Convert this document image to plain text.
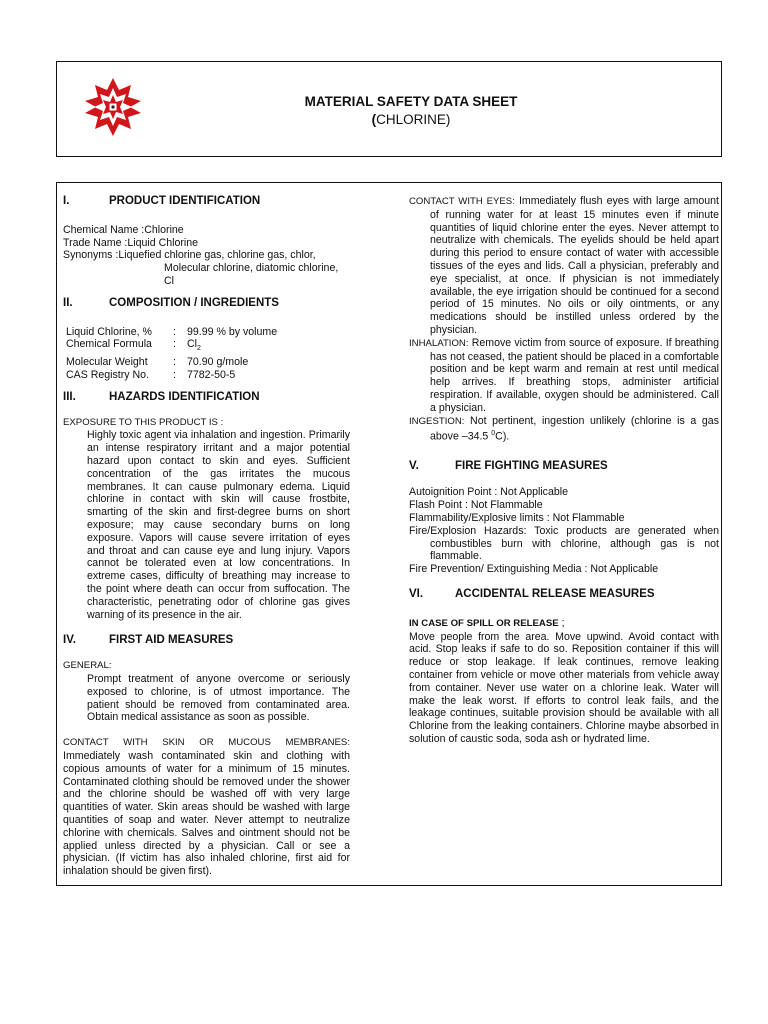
MATERIAL SAFETY DATA SHEET
(CHLORINE)
I.	PRODUCT IDENTIFICATION
Chemical Name : Chlorine
Trade Name : Liquid Chlorine
Synonyms : Liquefied chlorine gas, chlorine gas, chlor,

Molecular chlorine, diatomic chlorine, Cl

II.	COMPOSITION / INGREDIENTS
Liquid Chlorine, %	:	99.99 % by volume
Chemical Formula	:	$Cl_2$
Molecular Weight	:	70.90 g/mole
CAS Registry No.	:	7782-50-5
III.	HAZARDS IDENTIFICATION

EXPOSURE TO THIS PRODUCT IS :

Highly toxic agent via inhalation and ingestion. Primarily an intense respiratory irritant and a major potential hazard upon contact to skin and eyes. Sufficient concentration of the gas irritates the mucous membranes. It can cause pulmonary edema. Liquid chlorine in contact with skin will cause frostbite, smarting of the skin and first-degree burns on short exposure; may cause secondary burns on long exposure. Vapors will cause severe irritation of eyes and throat and can cause eye and lung injury. Vapors cannot be tolerated even at low concentrations. In extreme cases, difficulty of breathing may increase to the point where death can occur from suffocation. The characteristic, penetrating odor of chlorine gas gives warning of its presence in the air.

IV.	FIRST AID MEASURES

GENERAL:

Prompt treatment of anyone overcome or seriously exposed to chlorine, is of utmost importance. The patient should be removed from contaminated area. Obtain medical assistance as soon as possible.

CONTACT WITH SKIN OR MUCOUS MEMBRANES: Immediately wash contaminated skin and clothing with copious amounts of water for a minimum of 15 minutes. Contaminated clothing should be removed under the shower and the chlorine should be washed off with very large quantities of water. Skin areas should be washed with large quantities of soap and water. Never attempt to neutralize chlorine with chemicals. Salves and ointment should not be applied unless directed by a physician. Call or see a physician. (If victim has also inhaled chlorine, first aid for inhalation should be given first).

CONTACT WITH EYES: Immediately flush eyes with large amount of running water for at least 15 minutes even if minute quantities of liquid chlorine enter the eyes. Never attempt to neutralize with chemicals. The eyelids should be held apart during this period to ensure contact of water with accessible tissues of the eyes and lids. Call a physician, preferably and eye specialist, at once. If physician is not immediately available, the eye irrigation should be continued for a second period of 15 minutes. No oils or oily ointments, or any medications should be instilled unless ordered by the physician.

INHALATION: Remove victim from source of exposure. If breathing has not ceased, the patient should be placed in a comfortable position and be kept warm and remain at rest until medical help arrives. If breathing stops, administer artificial respiration. If available, oxygen should be administered. Call a physician.

INGESTION: Not pertinent, ingestion unlikely (chlorine is a gas above –34.5 $^0$C).

V.	FIRE FIGHTING MEASURES

Autoignition Point : Not Applicable

Flash Point : Not Flammable

Flammability/Explosive limits : Not Flammable

Fire/Explosion Hazards: Toxic products are generated when combustibles burn with chlorine, although gas is not flammable.

Fire Prevention/ Extinguishing Media : Not Applicable

VI.	ACCIDENTAL RELEASE MEASURES

IN CASE OF SPILL OR RELEASE ;

Move people from the area. Move upwind. Avoid contact with acid. Stop leaks if safe to do so. Reposition container if this will reduce or stop leakage. If leak continues, remove leaking container from vehicle or move other materials from vehicle away from container. Never use water on a chlorine leak. Water will make the leak worst. If efforts to control leak fails, and the leakage continues, suitable provision should be available with all Chlorine from the leaking containers. Chlorine maybe absorbed in solution of caustic soda, soda ash or hydrated lime.
